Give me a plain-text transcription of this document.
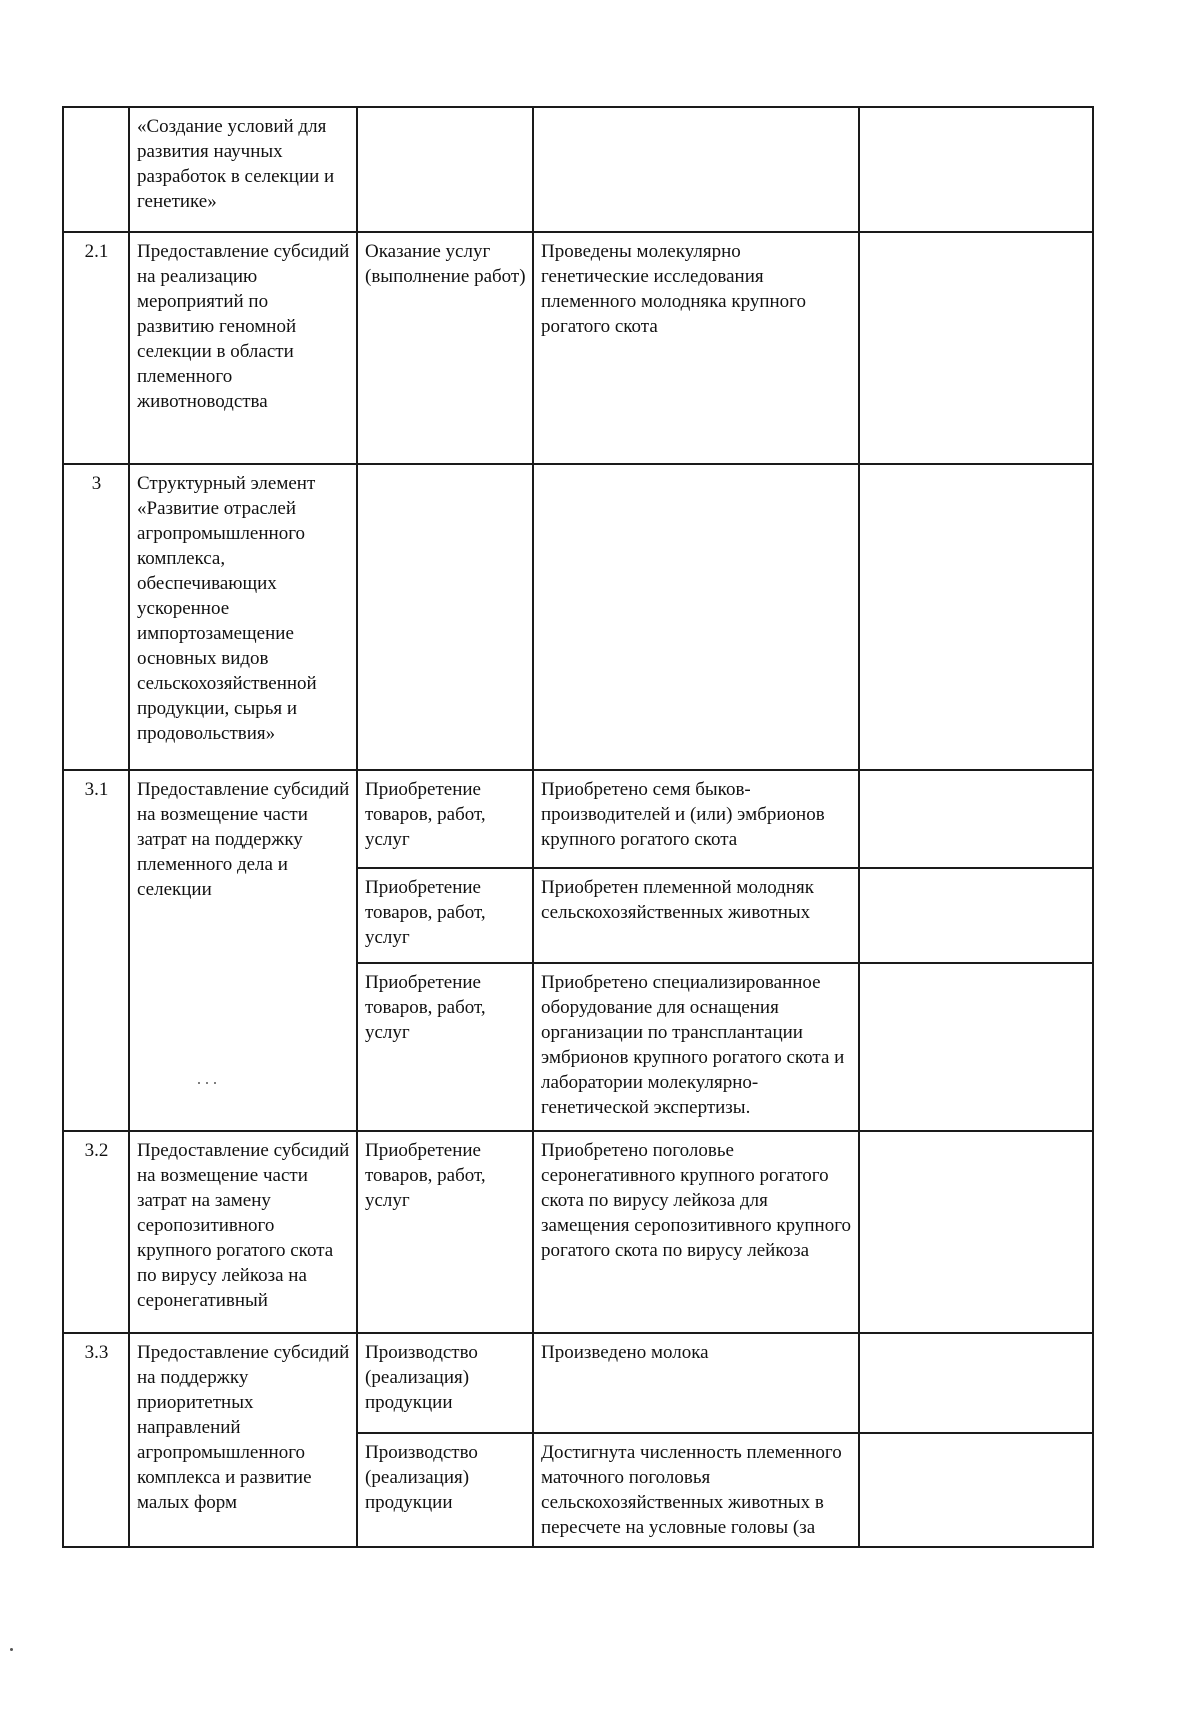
	«Создание условий для развития научных разработок в селекции и генетике»			
2.1	Предоставление субсидий на реализацию мероприятий по развитию геномной селекции в области племенного животноводства	Оказание услуг (выполнение работ)	Проведены молекулярно генетические исследования племенного молодняка крупного рогатого скота	
3	Структурный элемент «Развитие отраслей агропромышленного комплекса, обеспечивающих ускоренное импортозамещение основных видов сельскохозяйственной продукции, сырья и продовольствия»			
3.1	Предоставление субсидий на возмещение части затрат на поддержку племенного дела и селекции	Приобретение товаров, работ, услуг	Приобретено семя быков-производителей и (или) эмбрионов крупного рогатого скота	
		Приобретение товаров, работ, услуг	Приобретен племенной молодняк сельскохозяйственных животных	
		Приобретение товаров, работ, услуг	Приобретено специализированное оборудование для оснащения организации по трансплантации эмбрионов крупного рогатого скота и лаборатории молекулярно-генетической экспертизы.	
3.2	Предоставление субсидий на возмещение части затрат на замену серопозитивного крупного рогатого скота по вирусу лейкоза на серонегативный	Приобретение товаров, работ, услуг	Приобретено поголовье серонегативного крупного рогатого скота по вирусу лейкоза для замещения серопозитивного крупного рогатого скота по вирусу лейкоза	
3.3	Предоставление субсидий на поддержку приоритетных направлений агропромышленного комплекса и развитие малых форм	Производство (реализация) продукции	Произведено молока	
		Производство (реализация) продукции	Достигнута численность племенного маточного поголовья сельскохозяйственных животных в пересчете на условные головы (за	
